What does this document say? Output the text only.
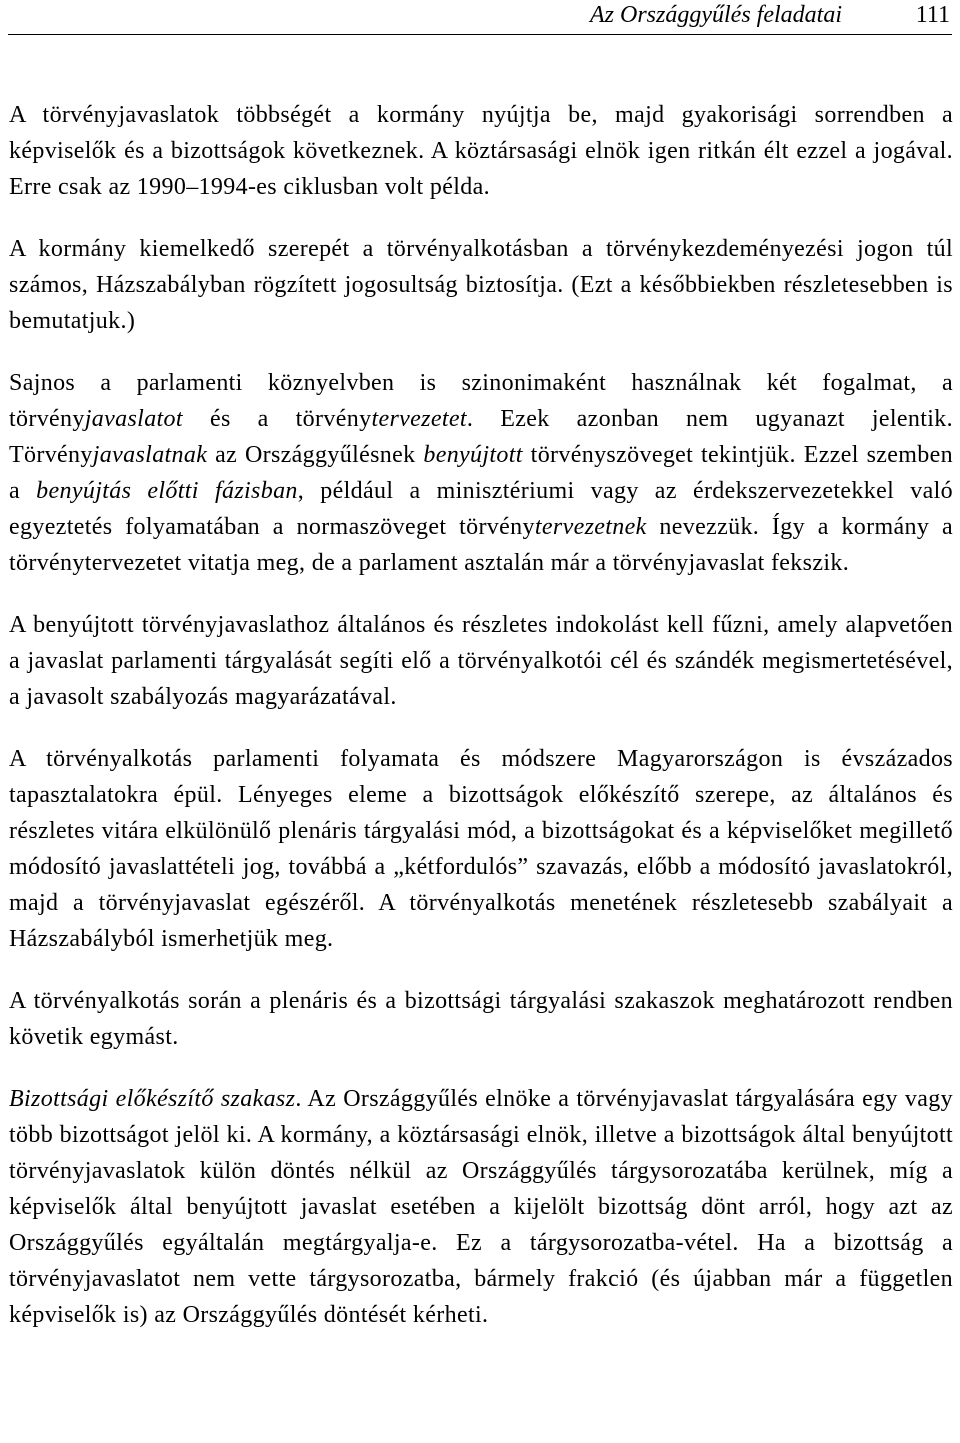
Az Országgyűlés feladatai	111

A törvényjavaslatok többségét a kormány nyújtja be, majd gyakorisági sorrendben a képviselők és a bizottságok következnek. A köztársasági elnök igen ritkán élt ezzel a jogával. Erre csak az 1990–1994-es ciklusban volt példa.

A kormány kiemelkedő szerepét a törvényalkotásban a törvénykezdeményezési jogon túl számos, Házszabályban rögzített jogosultság biztosítja. (Ezt a későbbiekben részletesebben is bemutatjuk.)

Sajnos a parlamenti köznyelvben is szinonimaként használnak két fogalmat, a törvényjavaslatot és a törvénytervezetet. Ezek azonban nem ugyanazt jelentik. Törvényjavaslatnak az Országgyűlésnek benyújtott törvényszöveget tekintjük. Ezzel szemben a benyújtás előtti fázisban, például a minisztériumi vagy az érdekszervezetekkel való egyeztetés folyamatában a normaszöveget törvénytervezetnek nevezzük. Így a kormány a törvénytervezetet vitatja meg, de a parlament asztalán már a törvényjavaslat fekszik.

A benyújtott törvényjavaslathoz általános és részletes indokolást kell fűzni, amely alapvetően a javaslat parlamenti tárgyalását segíti elő a törvényalkotói cél és szándék megismertetésével, a javasolt szabályozás magyarázatával.

A törvényalkotás parlamenti folyamata és módszere Magyarországon is évszázados tapasztalatokra épül. Lényeges eleme a bizottságok előkészítő szerepe, az általános és részletes vitára elkülönülő plenáris tárgyalási mód, a bizottságokat és a képviselőket megillető módosító javaslattételi jog, továbbá a „kétfordulós” szavazás, előbb a módosító javaslatokról, majd a törvényjavaslat egészéről. A törvényalkotás menetének részletesebb szabályait a Házszabályból ismerhetjük meg.

A törvényalkotás során a plenáris és a bizottsági tárgyalási szakaszok meghatározott rendben követik egymást.

Bizottsági előkészítő szakasz. Az Országgyűlés elnöke a törvényjavaslat tárgyalására egy vagy több bizottságot jelöl ki. A kormány, a köztársasági elnök, illetve a bizottságok által benyújtott törvényjavaslatok külön döntés nélkül az Országgyűlés tárgysorozatába kerülnek, míg a képviselők által benyújtott javaslat esetében a kijelölt bizottság dönt arról, hogy azt az Országgyűlés egyáltalán megtárgyalja-e. Ez a tárgysorozatba-vétel. Ha a bizottság a törvényjavaslatot nem vette tárgysorozatba, bármely frakció (és újabban már a független képviselők is) az Országgyűlés döntését kérheti.
